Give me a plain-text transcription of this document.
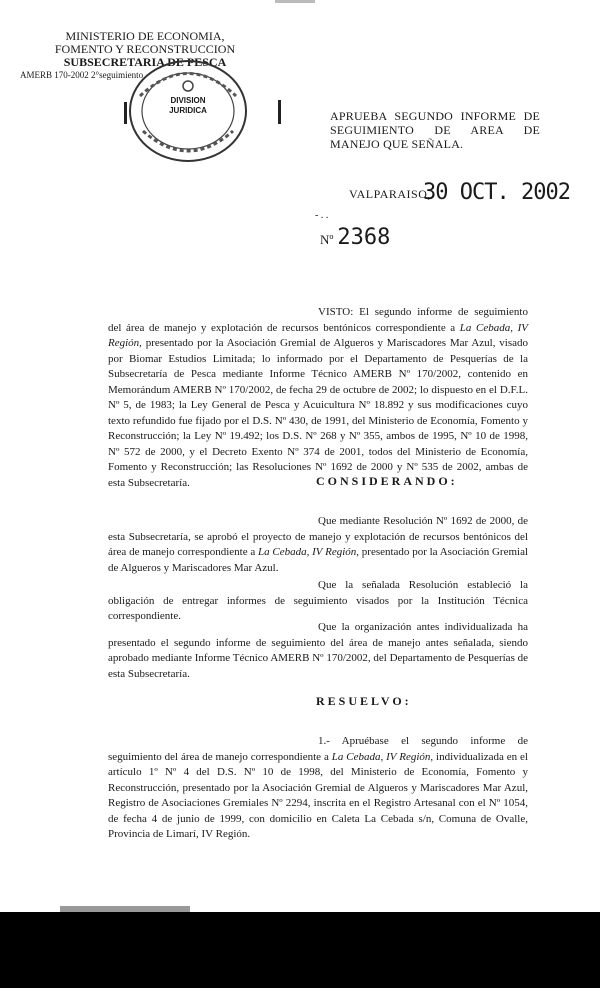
MINISTERIO DE ECONOMIA,
FOMENTO Y RECONSTRUCCION
SUBSECRETARIA DE PESCA
AMERB 170-2002 2°seguimiento
DIVISION JURIDICA	APRUEBA SEGUNDO INFORME DE SEGUIMIENTO DE AREA DE MANEJO QUE SEÑALA.
VALPARAISO,
30 OCT. 2002
- . .
Nº 2368
VISTO: El segundo informe de seguimiento del área de manejo y explotación de recursos bentónicos correspondiente a La Cebada, IV Región, presentado por la Asociación Gremial de Algueros y Mariscadores Mar Azul, visado por Biomar Estudios Limitada; lo informado por el Departamento de Pesquerías de la Subsecretaría de Pesca mediante Informe Técnico AMERB Nº 170/2002, contenido en Memorándum AMERB Nº 170/2002, de fecha 29 de octubre de 2002; lo dispuesto en el D.F.L. Nº 5, de 1983; la Ley General de Pesca y Acuicultura Nº 18.892 y sus modificaciones cuyo texto refundido fue fijado por el D.S. Nº 430, de 1991, del Ministerio de Economía, Fomento y Reconstrucción; la Ley Nº 19.492; los D.S. Nº 268 y Nº 355, ambos de 1995, Nº 10 de 1998, Nº 572 de 2000, y el Decreto Exento Nº 374 de 2001, todos del Ministerio de Economía, Fomento y Reconstrucción; las Resoluciones Nº 1692 de 2000 y Nº 535 de 2002, ambas de esta Subsecretaría.	CONSIDERANDO:
Que mediante Resolución Nº 1692 de 2000, de esta Subsecretaría, se aprobó el proyecto de manejo y explotación de recursos bentónicos del área de manejo correspondiente a La Cebada, IV Región, presentado por la Asociación Gremial de Algueros y Mariscadores Mar Azul.
Que la señalada Resolución estableció la obligación de entregar informes de seguimiento visados por la Institución Técnica correspondiente.
Que la organización antes individualizada ha presentado el segundo informe de seguimiento del área de manejo antes señalada, siendo aprobado mediante Informe Técnico AMERB Nº 170/2002, del Departamento de Pesquerías de esta Subsecretaría.
RESUELVO:
1.- Apruébase el segundo informe de seguimiento del área de manejo correspondiente a La Cebada, IV Región, individualizada en el artículo 1º Nº 4 del D.S. Nº 10 de 1998, del Ministerio de Economía, Fomento y Reconstrucción, presentado por la Asociación Gremial de Algueros y Mariscadores Mar Azul, Registro de Asociaciones Gremiales Nº 2294, inscrita en el Registro Artesanal con el Nº 1054, de fecha 4 de junio de 1999, con domicilio en Caleta La Cebada s/n, Comuna de Ovalle, Provincia de Limarí, IV Región.
